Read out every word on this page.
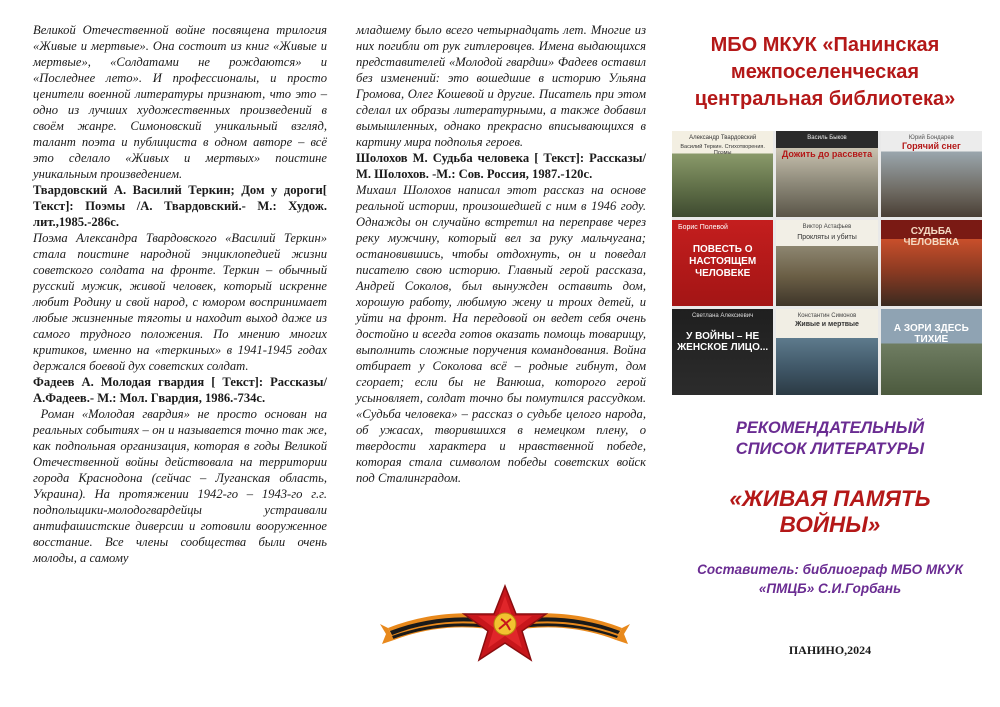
Великой Отечественной войне посвящена трилогия «Живые и мертвые». Она состоит из книг «Живые и мертвые», «Солдатами не рождаются» и «Последнее лето». И профессионалы, и просто ценители военной литературы признают, что это – одно из лучших художественных произведений в своём жанре. Симоновский уникальный взгляд, талант поэта и публициста в одном авторе – всё это сделало «Живых и мертвых» поистине уникальным произведением.

Твардовский А. Василий Теркин; Дом у дороги[ Текст]: Поэмы /А. Твардовский.- М.: Худож. лит.,1985.-286с.

Поэма Александра Твардовского «Василий Теркин» стала поистине народной энциклопедией жизни советского солдата на фронте. Теркин – обычный русский мужик, живой человек, который искренне любит Родину и свой народ, с юмором воспринимает любые жизненные тяготы и находит выход даже из самого трудного положения. По мнению многих критиков, именно на «теркиных» в 1941-1945 годах держался боевой дух советских солдат.

Фадеев А. Молодая гвардия [ Текст]: Рассказы/А.Фадеев.- М.: Мол. Гвардия, 1986.-734с.

Роман «Молодая гвардия» не просто основан на реальных событиях – он и называется точно так же, как подпольная организация, которая в годы Великой Отечественной войны действовала на территории города Краснодона (сейчас – Луганская область, Украина). На протяжении 1942-го – 1943-го г.г. подпольщики-молодогвардейцы устраивали антифашистские диверсии и готовили вооруженное восстание. Все члены сообщества были очень молоды, а самому

младшему было всего четырнадцать лет. Многие из них погибли от рук гитлеровцев. Имена выдающихся представителей «Молодой гвардии» Фадеев оставил без изменений: это вошедшие в историю Ульяна Громова, Олег Кошевой и другие. Писатель при этом сделал их образы литературными, а также добавил вымышленных, однако прекрасно вписывающихся в картину мира подполья героев.

Шолохов М. Судьба человека [ Текст]: Рассказы/М. Шолохов. -М.: Сов. Россия, 1987.-120с.

Михаил Шолохов написал этот рассказ на основе реальной истории, произошедшей с ним в 1946 году. Однажды он случайно встретил на переправе через реку мужчину, который вел за руку мальчугана; остановившись, чтобы отдохнуть, он и поведал писателю свою историю. Главный герой рассказа, Андрей Соколов, был вынужден оставить дом, хорошую работу, любимую жену и троих детей, и уйти на фронт. На передовой он ведет себя очень достойно и всегда готов оказать помощь товарищу, выполнить сложные поручения командования. Война отбирает у Соколова всё – родные гибнут, дом сгорает; если бы не Ванюша, которого герой усыновляет, солдат точно бы помутился рассудком. «Судьба человека» – рассказ о судьбе целого народа, об ужасах, творившихся в немецком плену, о твердости характера и нравственной победе, которая стала символом победы советских войск под Сталинградом.

МБО МКУК «Панинская
межпоселенческая
центральная библиотека»
Александр Твардовский
Василий Теркин. Стихотворения. Поэмы
Василь Быков
Дожить до рассвета
Юрий Бондарев
Горячий снег
Борис Полевой
ПОВЕСТЬ О НАСТОЯЩЕМ ЧЕЛОВЕКЕ
Виктор Астафьев
Прокляты и убиты
СУДЬБА ЧЕЛОВЕКА
Светлана Алексиевич
У ВОЙНЫ – НЕ ЖЕНСКОЕ ЛИЦО...
Константин Симонов
Живые и мертвые	А ЗОРИ ЗДЕСЬ ТИХИЕ
РЕКОМЕНДАТЕЛЬНЫЙ
СПИСОК ЛИТЕРАТУРЫ
«ЖИВАЯ ПАМЯТЬ
ВОЙНЫ»
Составитель: библиограф МБО МКУК
«ПМЦБ» С.И.Горбань
ПАНИНО,2024
